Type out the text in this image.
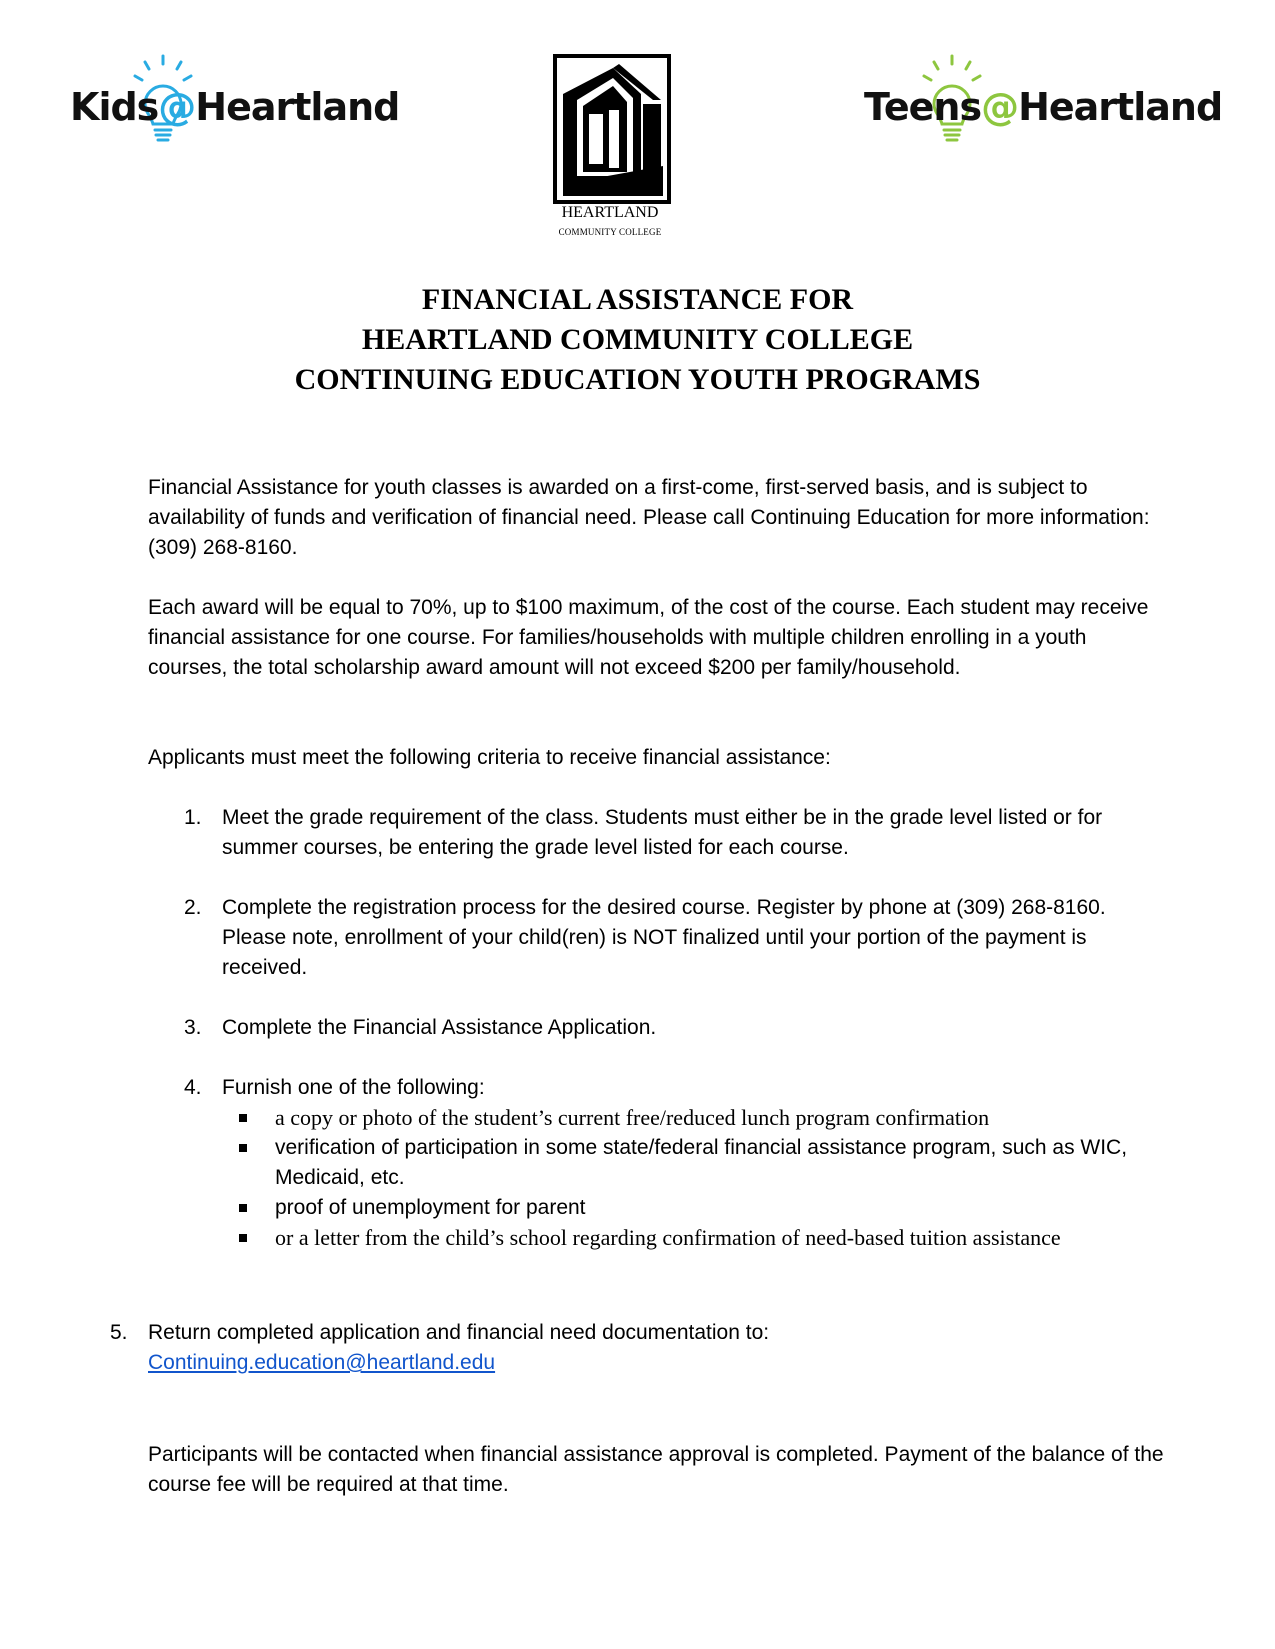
Kids@Heartland
HEARTLAND
COMMUNITY COLLEGE
Teens@Heartland
FINANCIAL ASSISTANCE FOR
HEARTLAND COMMUNITY COLLEGE
CONTINUING EDUCATION YOUTH PROGRAMS
Financial Assistance for youth classes is awarded on a first-come, first-served basis, and is subject to availability of funds and verification of financial need. Please call Continuing Education for more information: (309) 268-8160.
Each award will be equal to 70%, up to $100 maximum, of the cost of the course. Each student may receive financial assistance for one course. For families/households with multiple children enrolling in a youth courses, the total scholarship award amount will not exceed $200 per family/household.
Applicants must meet the following criteria to receive financial assistance:
1. Meet the grade requirement of the class. Students must either be in the grade level listed or for summer courses, be entering the grade level listed for each course.
2. Complete the registration process for the desired course. Register by phone at (309) 268-8160. Please note, enrollment of your child(ren) is NOT finalized until your portion of the payment is received.
3. Complete the Financial Assistance Application.
4. Furnish one of the following:
a copy or photo of the student’s current free/reduced lunch program confirmation
verification of participation in some state/federal financial assistance program, such as WIC, Medicaid, etc.
proof of unemployment for parent
or a letter from the child’s school regarding confirmation of need-based tuition assistance
5. Return completed application and financial need documentation to:
Continuing.education@heartland.edu
Participants will be contacted when financial assistance approval is completed. Payment of the balance of the course fee will be required at that time.
